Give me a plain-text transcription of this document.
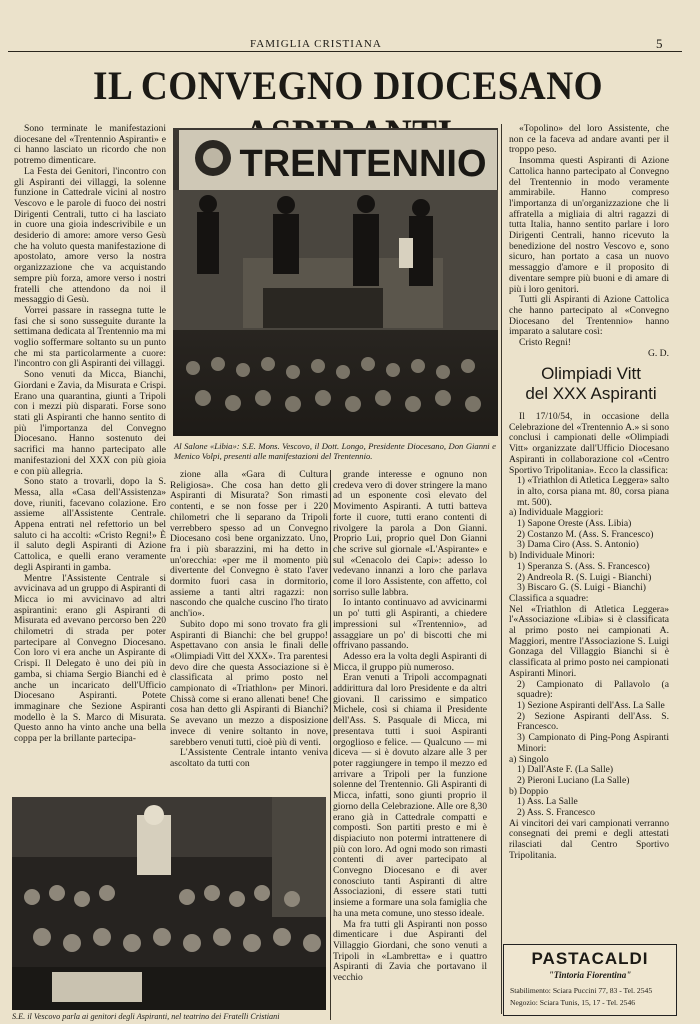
FAMIGLIA CRISTIANA	5
IL CONVEGNO DIOCESANO

Sono terminate le manifestazioni diocesane del «Trentennio Aspiranti» e ci hanno lasciato un ricordo che non potremo dimenticare.

La Festa dei Genitori, l'incontro con gli Aspiranti dei villaggi, la solenne funzione in Cattedrale vicini al nostro Vescovo e le parole di fuoco dei nostri Dirigenti Centrali, tutto ci ha lasciato in cuore una gioia indescrivibile e un desiderio di amore: amore verso Gesù che ha voluto questa manifestazione di apostolato, amore verso la nostra organizzazione che va acquistando sempre più forza, amore verso i nostri fratelli che attendono da noi il messaggio di Gesù.

Vorrei passare in rassegna tutte le fasi che si sono susseguite durante la settimana dedicata al Trentennio ma mi voglio soffermare soltanto su un punto che mi sta particolarmente a cuore: l'incontro con gli Aspiranti dei villaggi.

Sono venuti da Micca, Bianchi, Giordani e Zavia, da Misurata e Crispi. Erano una quarantina, giunti a Tripoli con i mezzi più disparati. Forse sono stati gli Aspiranti che hanno sentito di più l'importanza del Convegno Diocesano. Hanno sostenuto dei sacrifici ma hanno partecipato alle manifestazioni del XXX con più gioia e con più allegria.

Sono stato a trovarli, dopo la S. Messa, alla «Casa dell'Assistenza» dove, riuniti, facevano colazione. Ero assieme all'Assistente Centrale. Appena entrati nel refettorio un bel saluto ci ha accolti: «Cristo Regni!» È il saluto degli Aspiranti di Azione Cattolica, e quelli erano veramente degli Aspiranti in gamba.

Mentre l'Assistente Centrale si avvicinava ad un gruppo di Aspiranti di Micca io mi avvicinavo ad altri aspirantini: erano gli Aspiranti di Misurata ed avevano percorso ben 220 chilometri di strada per poter partecipare al Convegno Diocesano. Con loro vi era anche un Aspirante di Crispi. Il Delegato è uno dei più in gamba, si chiama Sergio Bianchi ed è anche un incaricato dell'Ufficio Diocesano Aspiranti. Potete immaginare che Sezione Aspiranti modello è la S. Marco di Misurata. Questo anno ha vinto anche una bella coppa per la brillante partecipa-

TRENTENNIO
Al Salone «Libia»: S.E. Mons. Vescovo, il Dott. Longo, Presidente Diocesano, Don Gianni e Menico Volpi, presenti alle manifestazioni del Trentennio.

zione alla «Gara di Cultura Religiosa». Che cosa han detto gli Aspiranti di Misurata? Son rimasti contenti, e se non fosse per i 220 chilometri che li separano da Tripoli verrebbero spesso ad un Convegno Diocesano così bene organizzato. Uno, fra i più sbarazzini, mi ha detto in un'orecchia: «per me il momento più divertente del Convegno è stato l'aver dormito fuori casa in dormitorio, assieme a tanti altri ragazzi: non nascondo che qualche cuscino l'ho tirato anch'io».

Subito dopo mi sono trovato fra gli Aspiranti di Bianchi: che bel gruppo! Aspettavano con ansia le finali delle «Olimpiadi Vitt del XXX». Tra parentesi devo dire che questa Associazione si è classificata al primo posto nel campionato di «Triathlon» per Minori. Chissà come si erano allenati bene! Che cosa han detto gli Aspiranti di Bianchi? Se avevano un mezzo a disposizione invece di venire soltanto in nove, sarebbero venuti tutti, cioè più di venti.

L'Assistente Centrale intanto veniva ascoltato da tutti con

grande interesse e ognuno non credeva vero di dover stringere la mano ad un esponente così elevato del Movimento Aspiranti. A tutti batteva forte il cuore, tutti erano contenti di rivolgere la parola a Don Gianni. Proprio Lui, proprio quel Don Gianni che scrive sul giornale «L'Aspirante» e sul «Cenacolo dei Capi»: adesso lo vedevano innanzi a loro che parlava come il loro Assistente, con affetto, col sorriso sulle labbra.

Io intanto continuavo ad avvicinarmi un po' tutti gli Aspiranti, a chiedere impressioni sul «Trentennio», ad assaggiare un po' di biscotti che mi offrivano passando.

Adesso era la volta degli Aspiranti di Micca, il gruppo più numeroso.

Eran venuti a Tripoli accompagnati addirittura dal loro Presidente e da altri giovani. Il carissimo e simpatico Michele, così si chiama il Presidente dell'Ass. S. Pasquale di Micca, mi presentava tutti i suoi Aspiranti orgoglioso e felice. — Qualcuno — mi diceva — si è dovuto alzare alle 3 per poter raggiungere in tempo il mezzo ed arrivare a Tripoli per la funzione solenne del Trentennio. Gli Aspiranti di Micca, infatti, sono giunti proprio il giorno della Celebrazione. Alle ore 8,30 erano già in Cattedrale compatti e composti. Son partiti presto e mi è dispiaciuto non potermi intrattenere di più con loro. Ad ogni modo son rimasti contenti di aver partecipato al Convegno Diocesano e di aver conosciuto tanti Aspiranti di altre Associazioni, di essere stati tutti insieme a formare una sola famiglia che ha una meta comune, uno stesso ideale.

Ma fra tutti gli Aspiranti non posso dimenticare i due Aspiranti del Villaggio Giordani, che sono venuti a Tripoli in «Lambretta» e i quattro Aspiranti di Zavia che portavano il vecchio

S.E. il Vescovo parla ai genitori degli Aspiranti, nel teatrino dei Fratelli Cristiani

«Topolino» del loro Assistente, che non ce la faceva ad andare avanti per il troppo peso.

Insomma questi Aspiranti di Azione Cattolica hanno partecipato al Convegno del Trentennio in modo veramente ammirabile. Hanno compreso l'importanza di un'organizzazione che li affratella a migliaia di altri ragazzi di tutta Italia, hanno sentito parlare i loro Dirigenti Centrali, hanno ricevuto la benedizione del nostro Vescovo e, sono sicuro, han portato a casa un nuovo messaggio d'amore e il proposito di diventare sempre più buoni e di amare di più i loro genitori.

Tutti gli Aspiranti di Azione Cattolica che hanno partecipato al «Convegno Diocesano del Trentennio» hanno imparato a salutare così:

Cristo Regni!

G. D.
Olimpiadi Vitt
del XXX Aspiranti

Il 17/10/54, in occasione della Celebrazione del «Trentennio A.» si sono conclusi i campionati delle «Olimpiadi Vitt» organizzate dall'Ufficio Diocesano Aspiranti in collaborazione col «Centro Sportivo Tripolitania». Ecco la classifica:

1) «Triathlon di Atletica Leggera» salto in alto, corsa piana mt. 80, corsa piana mt. 500).
a) Individuale Maggiori:
1) Sapone Oreste (Ass. Libia)
2) Costanzo M. (Ass. S. Francesco)
3) Dama Ciro (Ass. S. Antonio)
b) Individuale Minori:
1) Speranza S. (Ass. S. Francesco)
2) Andreola R. (S. Luigi - Bianchi)
3) Biscaro G. (S. Luigi - Bianchi)
Classifica a squadre:
Nel «Triathlon di Atletica Leggera» l'«Associazione «Libia» si è classificata al primo posto nei campionati A. Maggiori, mentre l'Associazione S. Luigi Gonzaga del Villaggio Bianchi si è classificata al primo posto nei campionati Aspiranti Minori.
2) Campionato di Pallavolo (a squadre):
1) Sezione Aspiranti dell'Ass. La Salle
2) Sezione Aspiranti dell'Ass. S. Francesco.
3) Campionato di Ping-Pong Aspiranti Minori:
a) Singolo
1) Dall'Aste F. (La Salle)
2) Pieroni Luciano (La Salle)
b) Doppio
1) Ass. La Salle
2) Ass. S. Francesco
Ai vincitori dei vari campionati verranno consegnati dei premi e degli attestati rilasciati dal Centro Sportivo Tripolitania.
PASTACALDI
"Tintoria Fiorentina"
Stabilimento: Sciara Puccini 77, 83 - Tel. 2545
Negozio: Sciara Tunis, 15, 17 - Tel. 2546
